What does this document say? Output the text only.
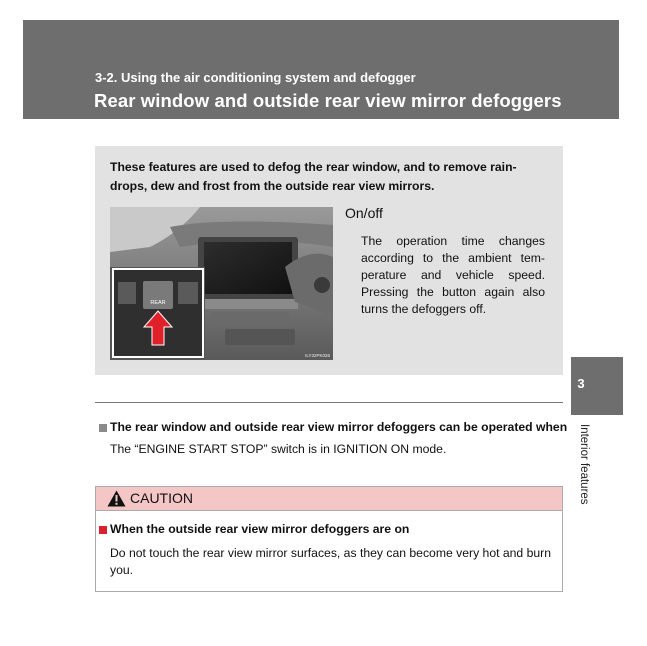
3-2. Using the air conditioning system and defogger
Rear window and outside rear view mirror defoggers
These features are used to defog the rear window, and to remove rain-drops, dew and frost from the outside rear view mirrors.
REAR
ILY32PK026
On/off
The operation time changes according to the ambient tem-perature and vehicle speed. Pressing the button again also turns the defoggers off.
3
Interior features
The rear window and outside rear view mirror defoggers can be operated when
The “ENGINE START STOP” switch is in IGNITION ON mode.
CAUTION
When the outside rear view mirror defoggers are on
Do not touch the rear view mirror surfaces, as they can become very hot and burn you.
